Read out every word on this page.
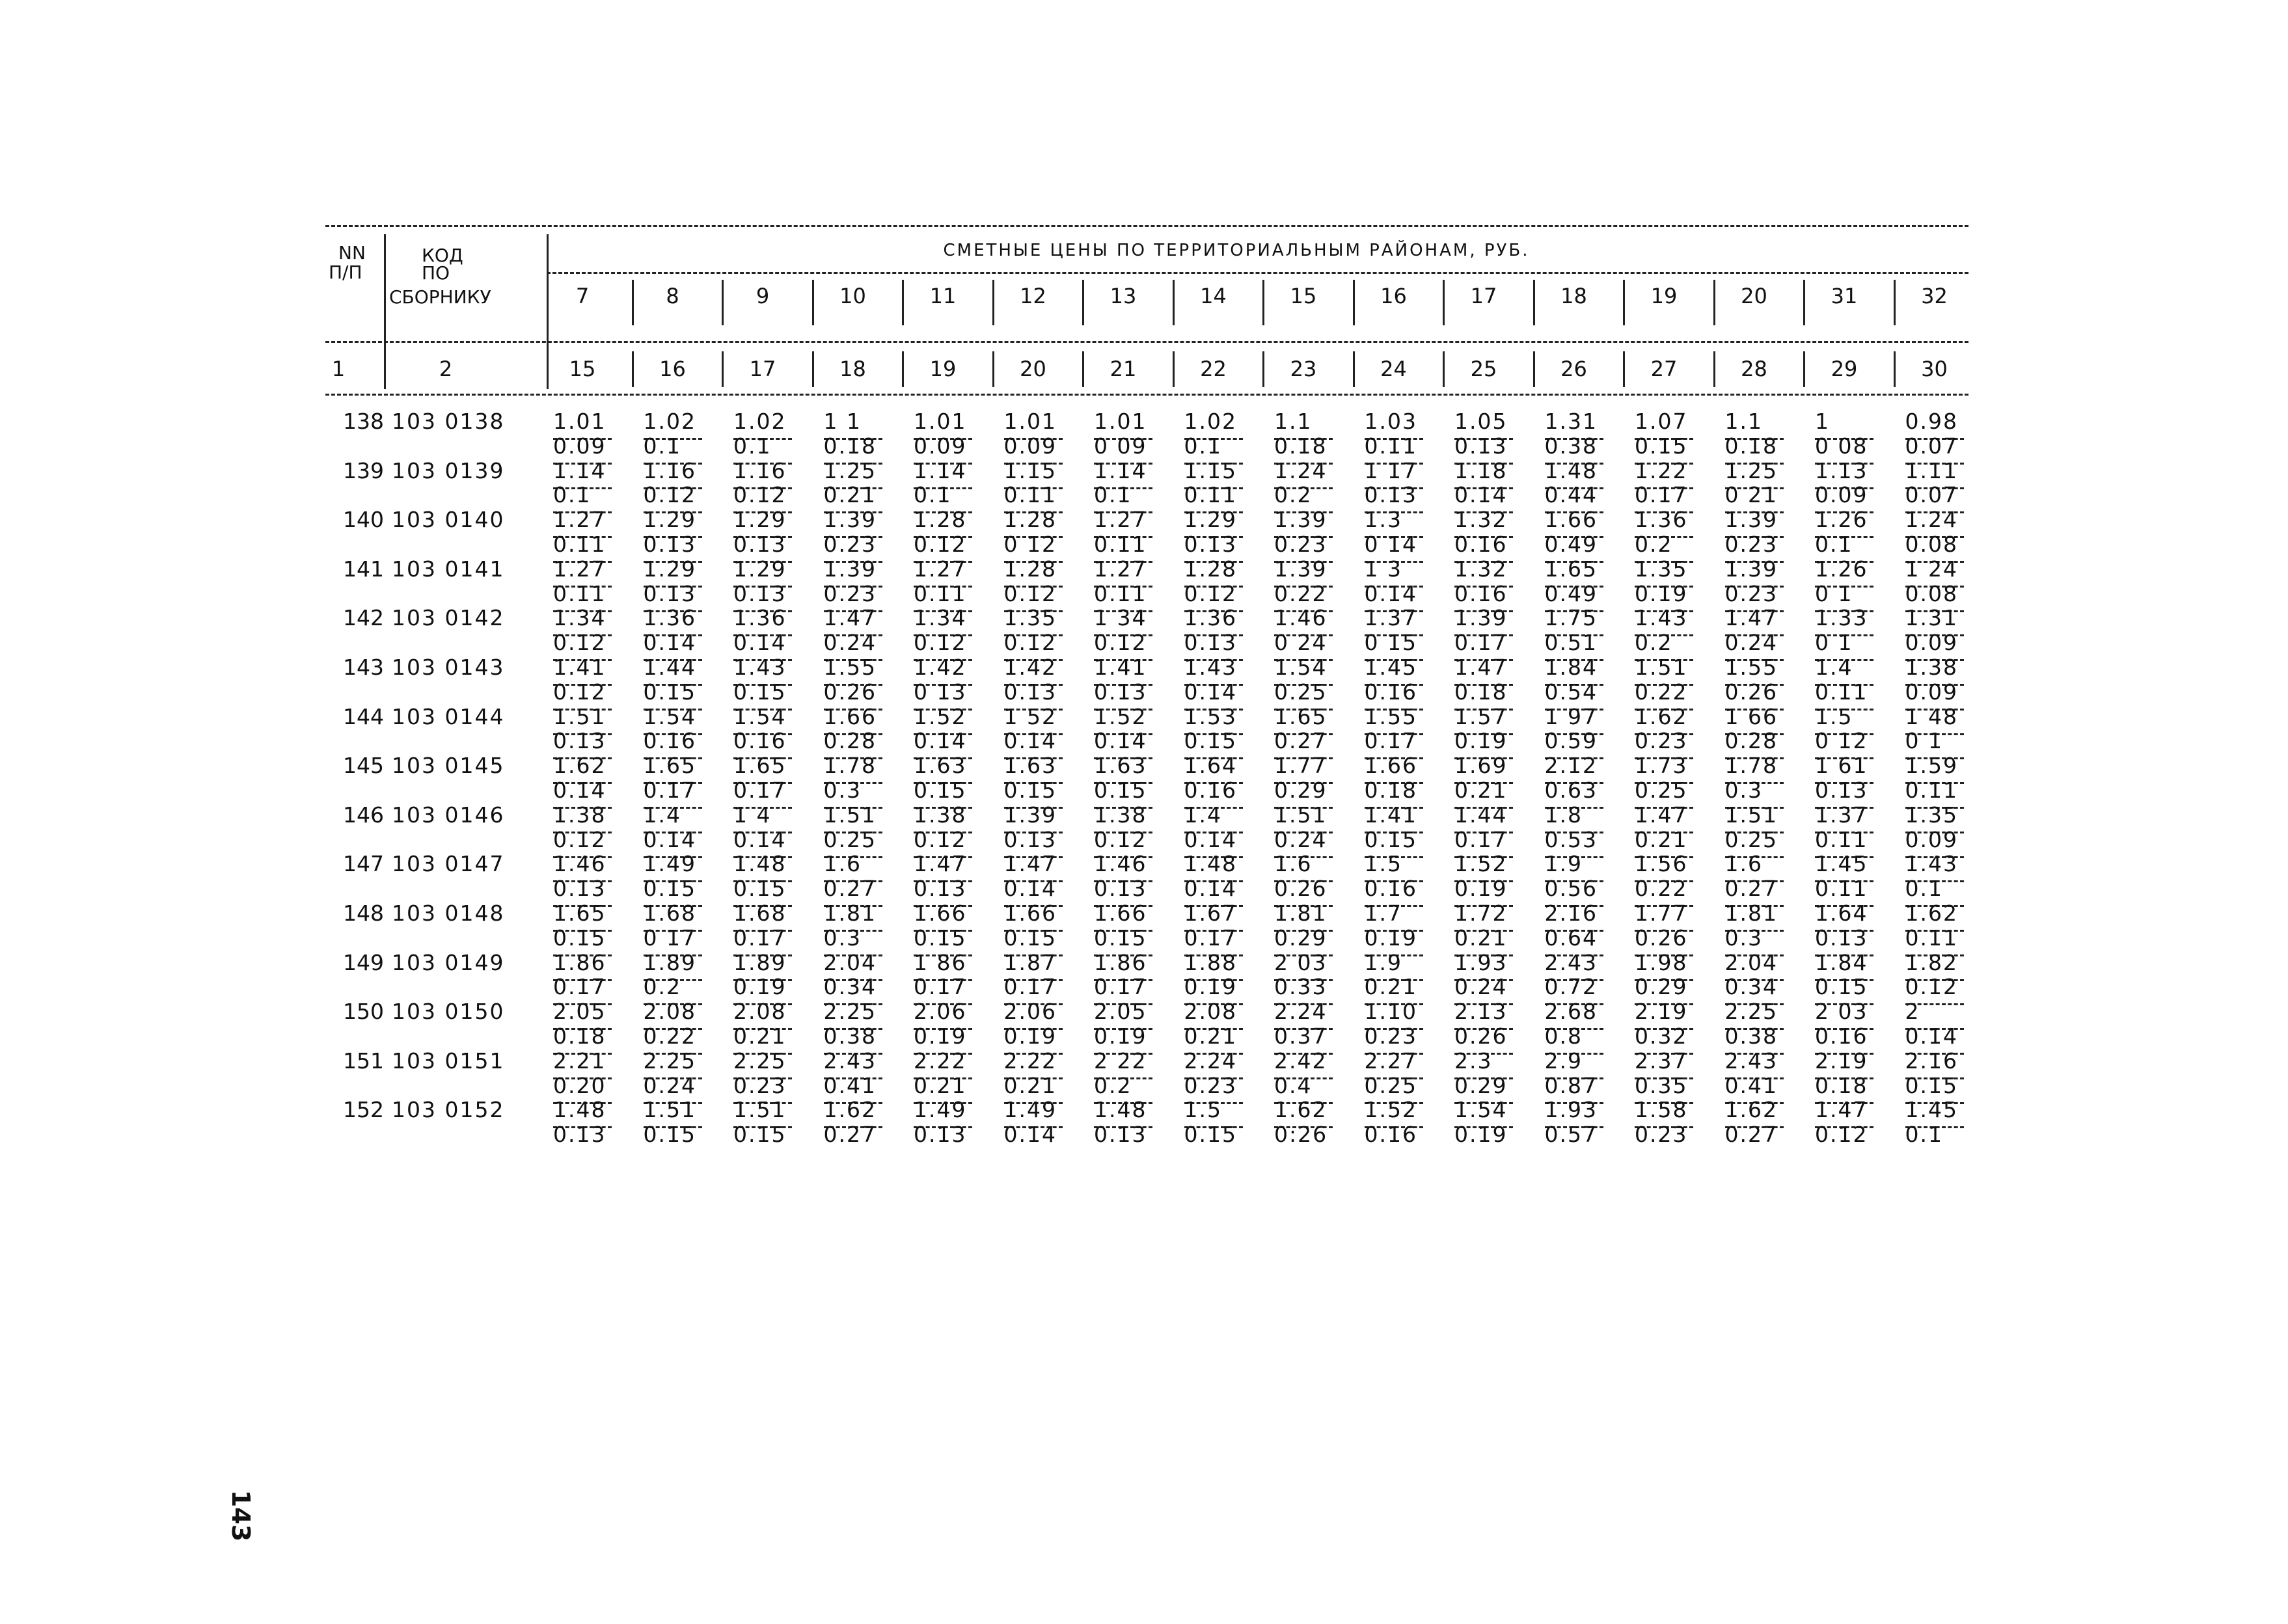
NN
П/П
КОД
ПО
СБОРНИКУ
СМЕТНЫЕ ЦЕНЫ ПО ТЕРРИТОРИАЛЬНЫМ РАЙОНАМ, РУБ.
7	8	9	10	11	12	13	14	15	16	17	18	19	20	31	32
1	2	15	16	17	18	19	20	21	22	23	24	25	26	27	28	29	30
138 103 0138 1.01	1.02	1.02	1 1	1.01	1.01	1.01	1.02	1.1	1.03	1.05	1.31	1.07	1.1	1	0.98
0.09	0.1	0.1	0.18	0.09	0.09	0 09	0.1	0.18	0.11	0.13	0.38	0.15	0.18	0 08	0.07
139 103 0139 1.14	1.16	1.16	1.25	1.14	1.15	1.14	1.15	1.24	1 17	1.18	1.48	1.22	1.25	1.13	1.11
0.1	0.12	0.12	0.21	0.1	0.11	0.1	0.11	0.2	0.13	0.14	0.44	0.17	0 21	0.09	0.07
140 103 0140 1.27	1.29	1.29	1.39	1.28	1.28	1.27	1.29	1.39	1.3	1.32	1.66	1.36	1.39	1.26	1.24
0.11	0.13	0.13	0.23	0.12	0 12	0.11	0.13	0.23	0 14	0.16	0.49	0.2	0.23	0.1	0.08
141 103 0141 1.27	1.29	1.29	1.39	1.27	1.28	1.27	1.28	1.39	1 3	1.32	1.65	1.35	1.39	1.26	1 24
0.11	0.13	0.13	0.23	0.11	0.12	0.11	0.12	0.22	0.14	0.16	0.49	0.19	0.23	0 1	0.08
142 103 0142 1.34	1.36	1.36	1.47	1.34	1.35	1 34	1.36	1.46	1.37	1.39	1.75	1.43	1.47	1.33	1.31
0.12	0.14	0.14	0.24	0.12	0.12	0.12	0.13	0 24	0 15	0.17	0.51	0.2	0.24	0 1	0.09
143 103 0143 1.41	1.44	1.43	1.55	1.42	1.42	1.41	1.43	1.54	1.45	1.47	1.84	1.51	1.55	1.4	1.38
0.12	0.15	0.15	0.26	0 13	0.13	0.13	0.14	0.25	0.16	0.18	0.54	0.22	0.26	0.11	0.09
144 103 0144 1.51	1.54	1.54	1.66	1.52	1 52	1.52	1.53	1.65	1.55	1.57	1 97	1.62	1 66	1.5	1 48
0.13	0.16	0.16	0.28	0.14	0.14	0.14	0.15	0.27	0.17	0.19	0.59	0.23	0.28	0 12	0 1
145 103 0145 1.62	1.65	1.65	1.78	1.63	1.63	1.63	1.64	1.77	1.66	1.69	2.12	1.73	1.78	1 61	1.59
0.14	0.17	0.17	0.3	0.15	0.15	0.15	0.16	0.29	0.18	0.21	0.63	0.25	0.3	0.13	0.11
146 103 0146 1.38	1.4	1 4	1.51	1.38	1.39	1.38	1.4	1.51	1.41	1.44	1.8	1.47	1.51	1.37	1.35
0.12	0.14	0.14	0.25	0.12	0.13	0.12	0.14	0.24	0.15	0.17	0.53	0.21	0.25	0.11	0.09
147 103 0147 1.46	1.49	1.48	1.6	1.47	1.47	1.46	1.48	1.6	1.5	1.52	1.9	1.56	1.6	1.45	1.43
0.13	0.15	0.15	0.27	0.13	0.14	0.13	0.14	0.26	0.16	0.19	0.56	0.22	0.27	0.11	0.1
148 103 0148 1.65	1.68	1.68	1.81	1.66	1.66	1.66	1.67	1.81	1.7	1.72	2.16	1.77	1.81	1.64	1.62
0.15	0 17	0.17	0.3	0.15	0.15	0.15	0.17	0.29	0.19	0.21	0.64	0.26	0.3	0.13	0.11
149 103 0149 1.86	1.89	1.89	2.04	1 86	1.87	1.86	1.88	2 03	1.9	1.93	2.43	1.98	2.04	1.84	1.82
0.17	0.2	0.19	0.34	0.17	0.17	0.17	0.19	0.33	0.21	0.24	0.72	0.29	0.34	0.15	0.12
150 103 0150 2.05	2.08	2.08	2.25	2.06	2.06	2.05	2.08	2.24	1.10	2.13	2.68	2.19	2.25	2 03	2
0.18	0.22	0.21	0.38	0.19	0.19	0.19	0.21	0.37	0.23	0.26	0.8	0.32	0.38	0.16	0.14
151 103 0151 2.21	2.25	2.25	2.43	2.22	2.22	2 22	2.24	2.42	2.27	2.3	2.9	2.37	2.43	2.19	2.16
0.20	0.24	0.23	0.41	0.21	0.21	0.2	0.23	0.4	0.25	0.29	0.87	0.35	0.41	0.18	0.15
152 103 0152 1.48	1.51	1.51	1.62	1.49	1.49	1.48	1.5	1.62	1.52	1.54	1.93	1.58	1.62	1.47	1.45
0.13	0.15	0.15	0.27	0.13	0.14	0.13	0.15	0:26	0.16	0.19	0.57	0.23	0.27	0.12	0.1
143
